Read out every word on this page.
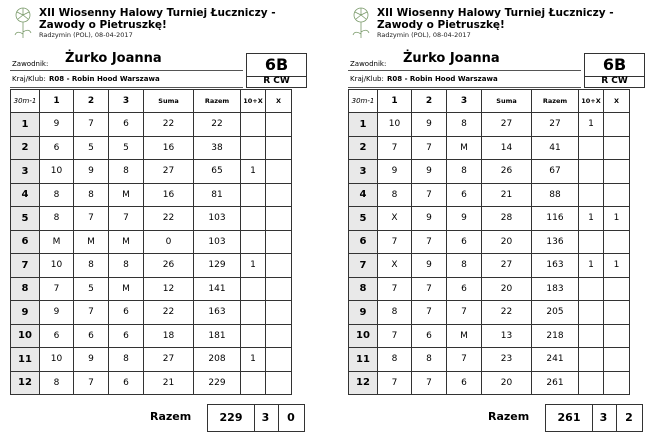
XII Wiosenny Halowy Turniej Łuczniczy - Zawody o Pietruszkę!
Radzymin (POL), 08-04-2017
Zawodnik: Żurko Joanna
Kraj/Klub: R08 - Robin Hood Warszawa
6B
R CW
30m-1	1	2	3	Suma	Razem	10+X	X
1	9	7	6	22	22		
2	6	5	5	16	38		
3	10	9	8	27	65	1	
4	8	8	M	16	81		
5	8	7	7	22	103		
6	M	M	M	0	103		
7	10	8	8	26	129	1	
8	7	5	M	12	141		
9	9	7	6	22	163		
10	6	6	6	18	181		
11	10	9	8	27	208	1	
12	8	7	6	21	229		
Razem	229	3	0
XII Wiosenny Halowy Turniej Łuczniczy - Zawody o Pietruszkę!
Radzymin (POL), 08-04-2017
Zawodnik: Żurko Joanna
Kraj/Klub: R08 - Robin Hood Warszawa
6B
R CW
30m-1	1	2	3	Suma	Razem	10+X	X
1	10	9	8	27	27	1	
2	7	7	M	14	41		
3	9	9	8	26	67		
4	8	7	6	21	88		
5	X	9	9	28	116	1	1
6	7	7	6	20	136		
7	X	9	8	27	163	1	1
8	7	7	6	20	183		
9	8	7	7	22	205		
10	7	6	M	13	218		
11	8	8	7	23	241		
12	7	7	6	20	261		
Razem	261	3	2
